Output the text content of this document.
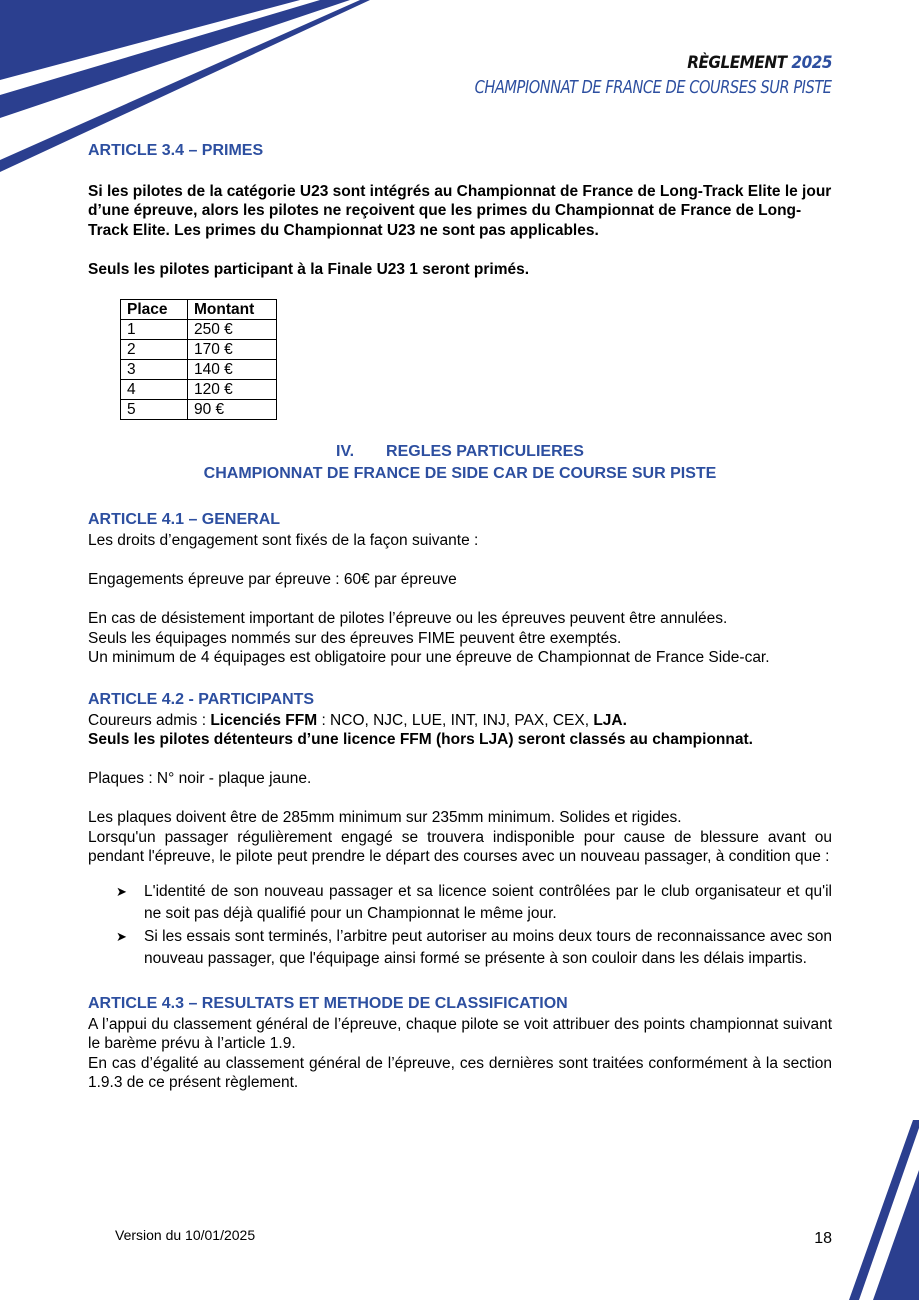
RÈGLEMENT 2025
CHAMPIONNAT DE FRANCE DE COURSES SUR PISTE
ARTICLE 3.4 – PRIMES

Si les pilotes de la catégorie U23 sont intégrés au Championnat de France de Long-Track Elite le jour d’une épreuve, alors les pilotes ne reçoivent que les primes du Championnat de France de Long-Track Elite. Les primes du Championnat U23 ne sont pas applicables.

Seuls les pilotes participant à la Finale U23 1 seront primés.

Place	Montant
1	250 €
2	170 €
3	140 €
4	120 €
5	90 €
IV. REGLES PARTICULIERES
CHAMPIONNAT DE FRANCE DE SIDE CAR DE COURSE SUR PISTE
ARTICLE 4.1 – GENERAL

Les droits d’engagement sont fixés de la façon suivante :

Engagements épreuve par épreuve : 60€ par épreuve

En cas de désistement important de pilotes l’épreuve ou les épreuves peuvent être annulées.

Seuls les équipages nommés sur des épreuves FIME peuvent être exemptés.

Un minimum de 4 équipages est obligatoire pour une épreuve de Championnat de France Side-car.

ARTICLE 4.2 - PARTICIPANTS

Coureurs admis : Licenciés FFM : NCO, NJC, LUE, INT, INJ, PAX, CEX, LJA.

Seuls les pilotes détenteurs d’une licence FFM (hors LJA) seront classés au championnat.

Plaques : N° noir - plaque jaune.

Les plaques doivent être de 285mm minimum sur 235mm minimum. Solides et rigides.

Lorsqu'un passager régulièrement engagé se trouvera indisponible pour cause de blessure avant ou pendant l'épreuve, le pilote peut prendre le départ des courses avec un nouveau passager, à condition que :

➤ L'identité de son nouveau passager et sa licence soient contrôlées par le club organisateur et qu'il ne soit pas déjà qualifié pour un Championnat le même jour.
➤ Si les essais sont terminés, l’arbitre peut autoriser au moins deux tours de reconnaissance avec son nouveau passager, que l'équipage ainsi formé se présente à son couloir dans les délais impartis.
ARTICLE 4.3 – RESULTATS ET METHODE DE CLASSIFICATION

A l’appui du classement général de l’épreuve, chaque pilote se voit attribuer des points championnat suivant le barème prévu à l’article 1.9.

En cas d’égalité au classement général de l’épreuve, ces dernières sont traitées conformément à la section 1.9.3 de ce présent règlement.

Version du 10/01/2025	18
